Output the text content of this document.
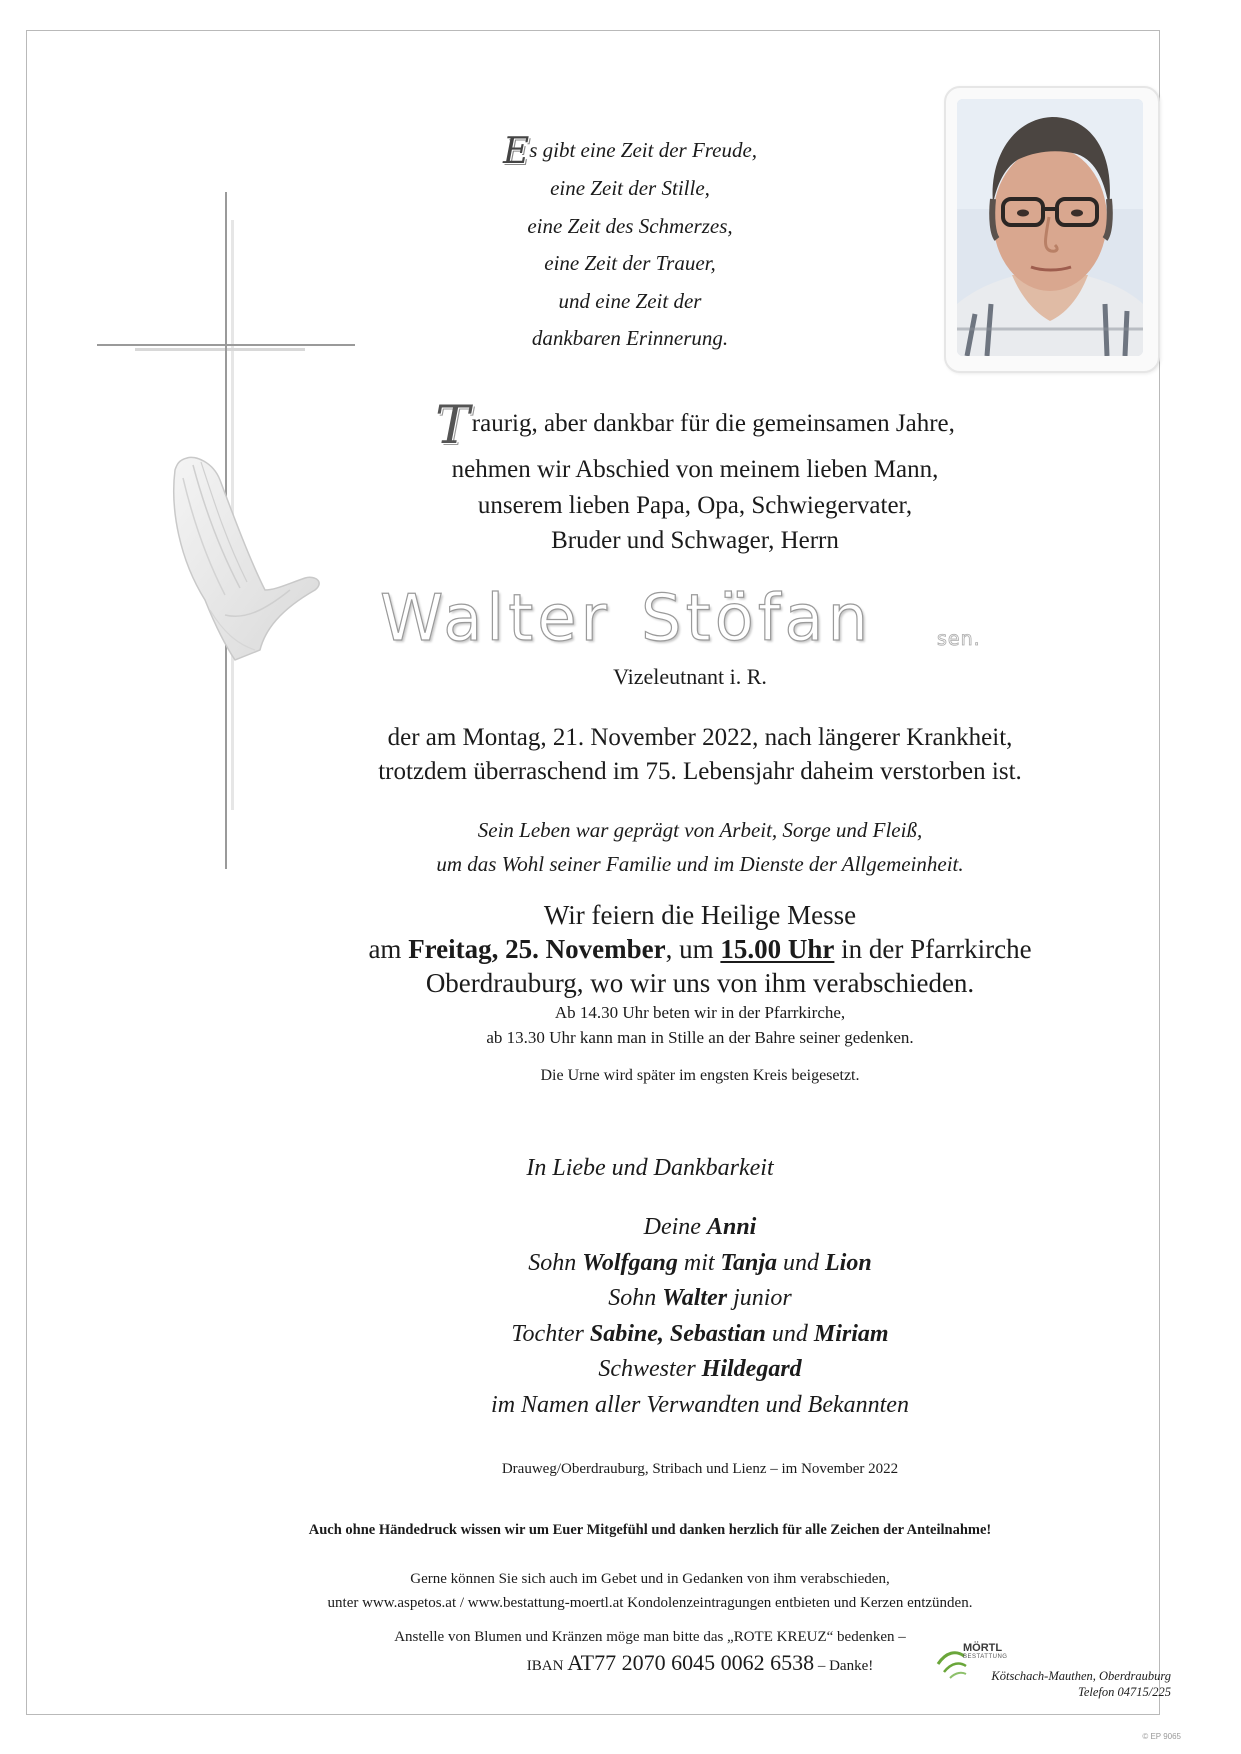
Es gibt eine Zeit der Freude,
eine Zeit der Stille,
eine Zeit des Schmerzes,
eine Zeit der Trauer,
und eine Zeit der
dankbaren Erinnerung.
Traurig, aber dankbar für die gemeinsamen Jahre,
nehmen wir Abschied von meinem lieben Mann,
unserem lieben Papa, Opa, Schwiegervater,
Bruder und Schwager, Herrn
Walter Stöfan	sen.
Vizeleutnant i. R.
der am Montag, 21. November 2022, nach längerer Krankheit,
trotzdem überraschend im 75. Lebensjahr daheim verstorben ist.
Sein Leben war geprägt von Arbeit, Sorge und Fleiß,
um das Wohl seiner Familie und im Dienste der Allgemeinheit.
Wir feiern die Heilige Messe
am Freitag, 25. November, um 15.00 Uhr in der Pfarrkirche
Oberdrauburg, wo wir uns von ihm verabschieden.
Ab 14.30 Uhr beten wir in der Pfarrkirche,
ab 13.30 Uhr kann man in Stille an der Bahre seiner gedenken.
Die Urne wird später im engsten Kreis beigesetzt.
In Liebe und Dankbarkeit
Deine Anni
Sohn Wolfgang mit Tanja und Lion
Sohn Walter junior
Tochter Sabine, Sebastian und Miriam
Schwester Hildegard
im Namen aller Verwandten und Bekannten
Drauweg/Oberdrauburg, Stribach und Lienz – im November 2022
Auch ohne Händedruck wissen wir um Euer Mitgefühl und danken herzlich für alle Zeichen der Anteilnahme!
Gerne können Sie sich auch im Gebet und in Gedanken von ihm verabschieden,
unter www.aspetos.at / www.bestattung-moertl.at Kondolenzeintragungen entbieten und Kerzen entzünden.
Anstelle von Blumen und Kränzen möge man bitte das „ROTE KREUZ“ bedenken –
IBAN AT77 2070 6045 0062 6538 – Danke!
MÖRTL
BESTATTUNG
Kötschach-Mauthen, Oberdrauburg
Telefon 04715/225
© EP 9065
